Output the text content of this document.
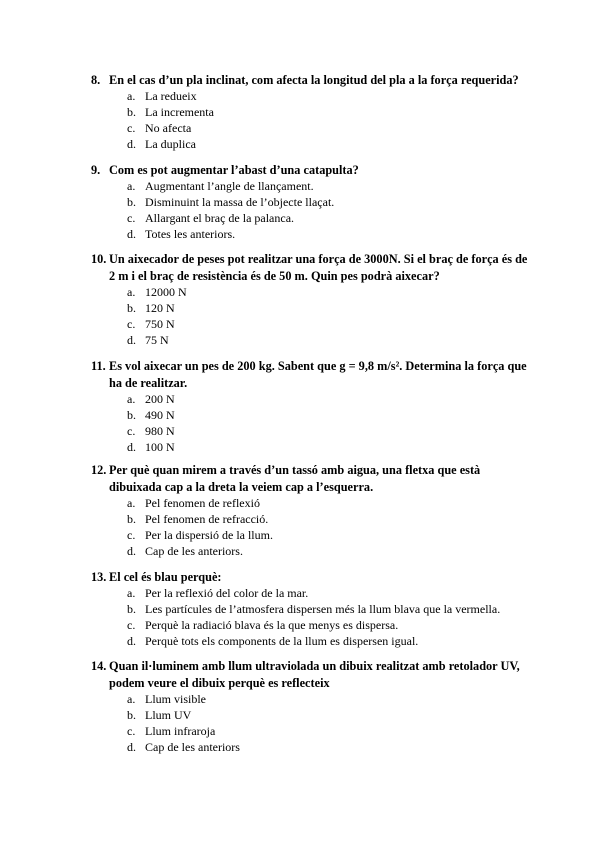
8. En el cas d’un pla inclinat, com afecta la longitud del pla a la força requerida?
a. La redueix
b. La incrementa
c. No afecta
d. La duplica
9. Com es pot augmentar l’abast d’una catapulta?
a. Augmentant l’angle de llançament.
b. Disminuint la massa de l’objecte llaçat.
c. Allargant el braç de la palanca.
d. Totes les anteriors.
10. Un aixecador de peses pot realitzar una força de 3000N. Si el braç de força és de 2 m i el braç de resistència és de 50 m. Quin pes podrà aixecar?
a. 12000 N
b. 120 N
c. 750 N
d. 75 N
11. Es vol aixecar un pes de 200 kg. Sabent que g = 9,8 m/s². Determina la força que ha de realitzar.
a. 200 N
b. 490 N
c. 980 N
d. 100 N
12. Per què quan mirem a través d’un tassó amb aigua, una fletxa que està dibuixada cap a la dreta la veiem cap a l’esquerra.
a. Pel fenomen de reflexió
b. Pel fenomen de refracció.
c. Per la dispersió de la llum.
d. Cap de les anteriors.
13. El cel és blau perquè:
a. Per la reflexió del color de la mar.
b. Les partícules de l’atmosfera dispersen més la llum blava que la vermella.
c. Perquè la radiació blava és la que menys es dispersa.
d. Perquè tots els components de la llum es dispersen igual.
14. Quan il·luminem amb llum ultraviolada un dibuix realitzat amb retolador UV, podem veure el dibuix perquè es reflecteix
a. Llum visible
b. Llum UV
c. Llum infraroja
d. Cap de les anteriors
